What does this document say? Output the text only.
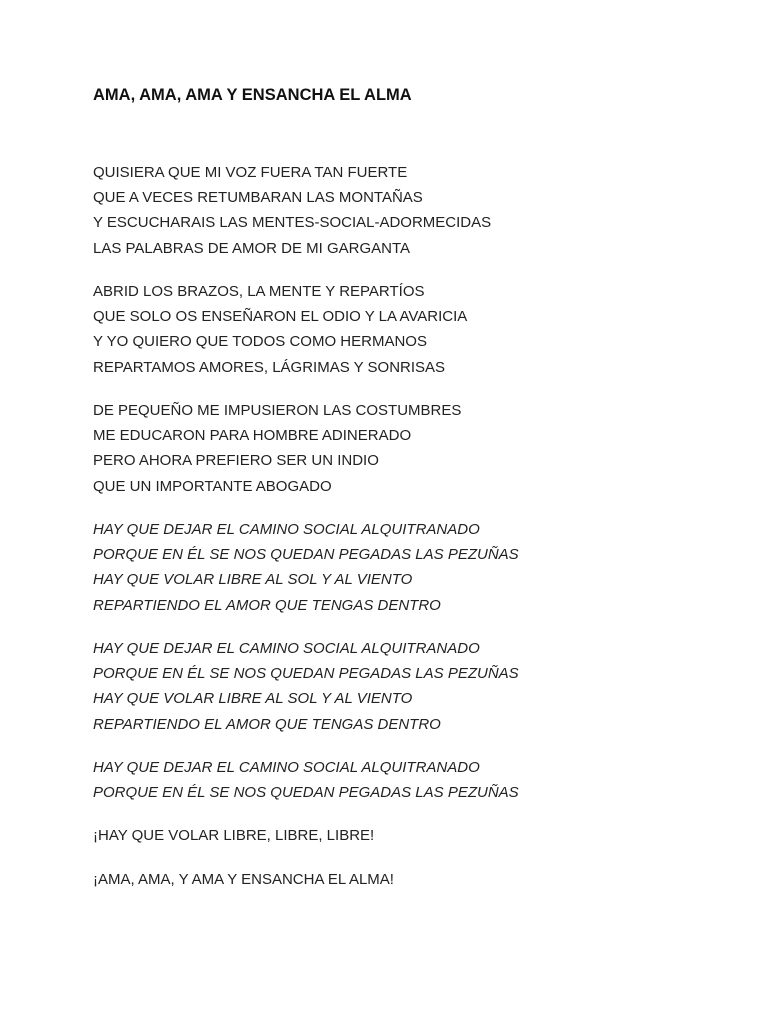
AMA, AMA, AMA Y ENSANCHA EL ALMA
QUISIERA QUE MI VOZ FUERA TAN FUERTE
QUE A VECES RETUMBARAN LAS MONTAÑAS
Y ESCUCHARAIS LAS MENTES-SOCIAL-ADORMECIDAS
LAS PALABRAS DE AMOR DE MI GARGANTA
ABRID LOS BRAZOS, LA MENTE Y REPARTÍOS
QUE SOLO OS ENSEÑARON EL ODIO Y LA AVARICIA
Y YO QUIERO QUE TODOS COMO HERMANOS
REPARTAMOS AMORES, LÁGRIMAS Y SONRISAS
DE PEQUEÑO ME IMPUSIERON LAS COSTUMBRES
ME EDUCARON PARA HOMBRE ADINERADO
PERO AHORA PREFIERO SER UN INDIO
QUE UN IMPORTANTE ABOGADO
HAY QUE DEJAR EL CAMINO SOCIAL ALQUITRANADO
PORQUE EN ÉL SE NOS QUEDAN PEGADAS LAS PEZUÑAS
HAY QUE VOLAR LIBRE AL SOL Y AL VIENTO
REPARTIENDO EL AMOR QUE TENGAS DENTRO
HAY QUE DEJAR EL CAMINO SOCIAL ALQUITRANADO
PORQUE EN ÉL SE NOS QUEDAN PEGADAS LAS PEZUÑAS
HAY QUE VOLAR LIBRE AL SOL Y AL VIENTO
REPARTIENDO EL AMOR QUE TENGAS DENTRO
HAY QUE DEJAR EL CAMINO SOCIAL ALQUITRANADO
PORQUE EN ÉL SE NOS QUEDAN PEGADAS LAS PEZUÑAS
¡HAY QUE VOLAR LIBRE, LIBRE, LIBRE!
¡AMA, AMA, Y AMA Y ENSANCHA EL ALMA!
